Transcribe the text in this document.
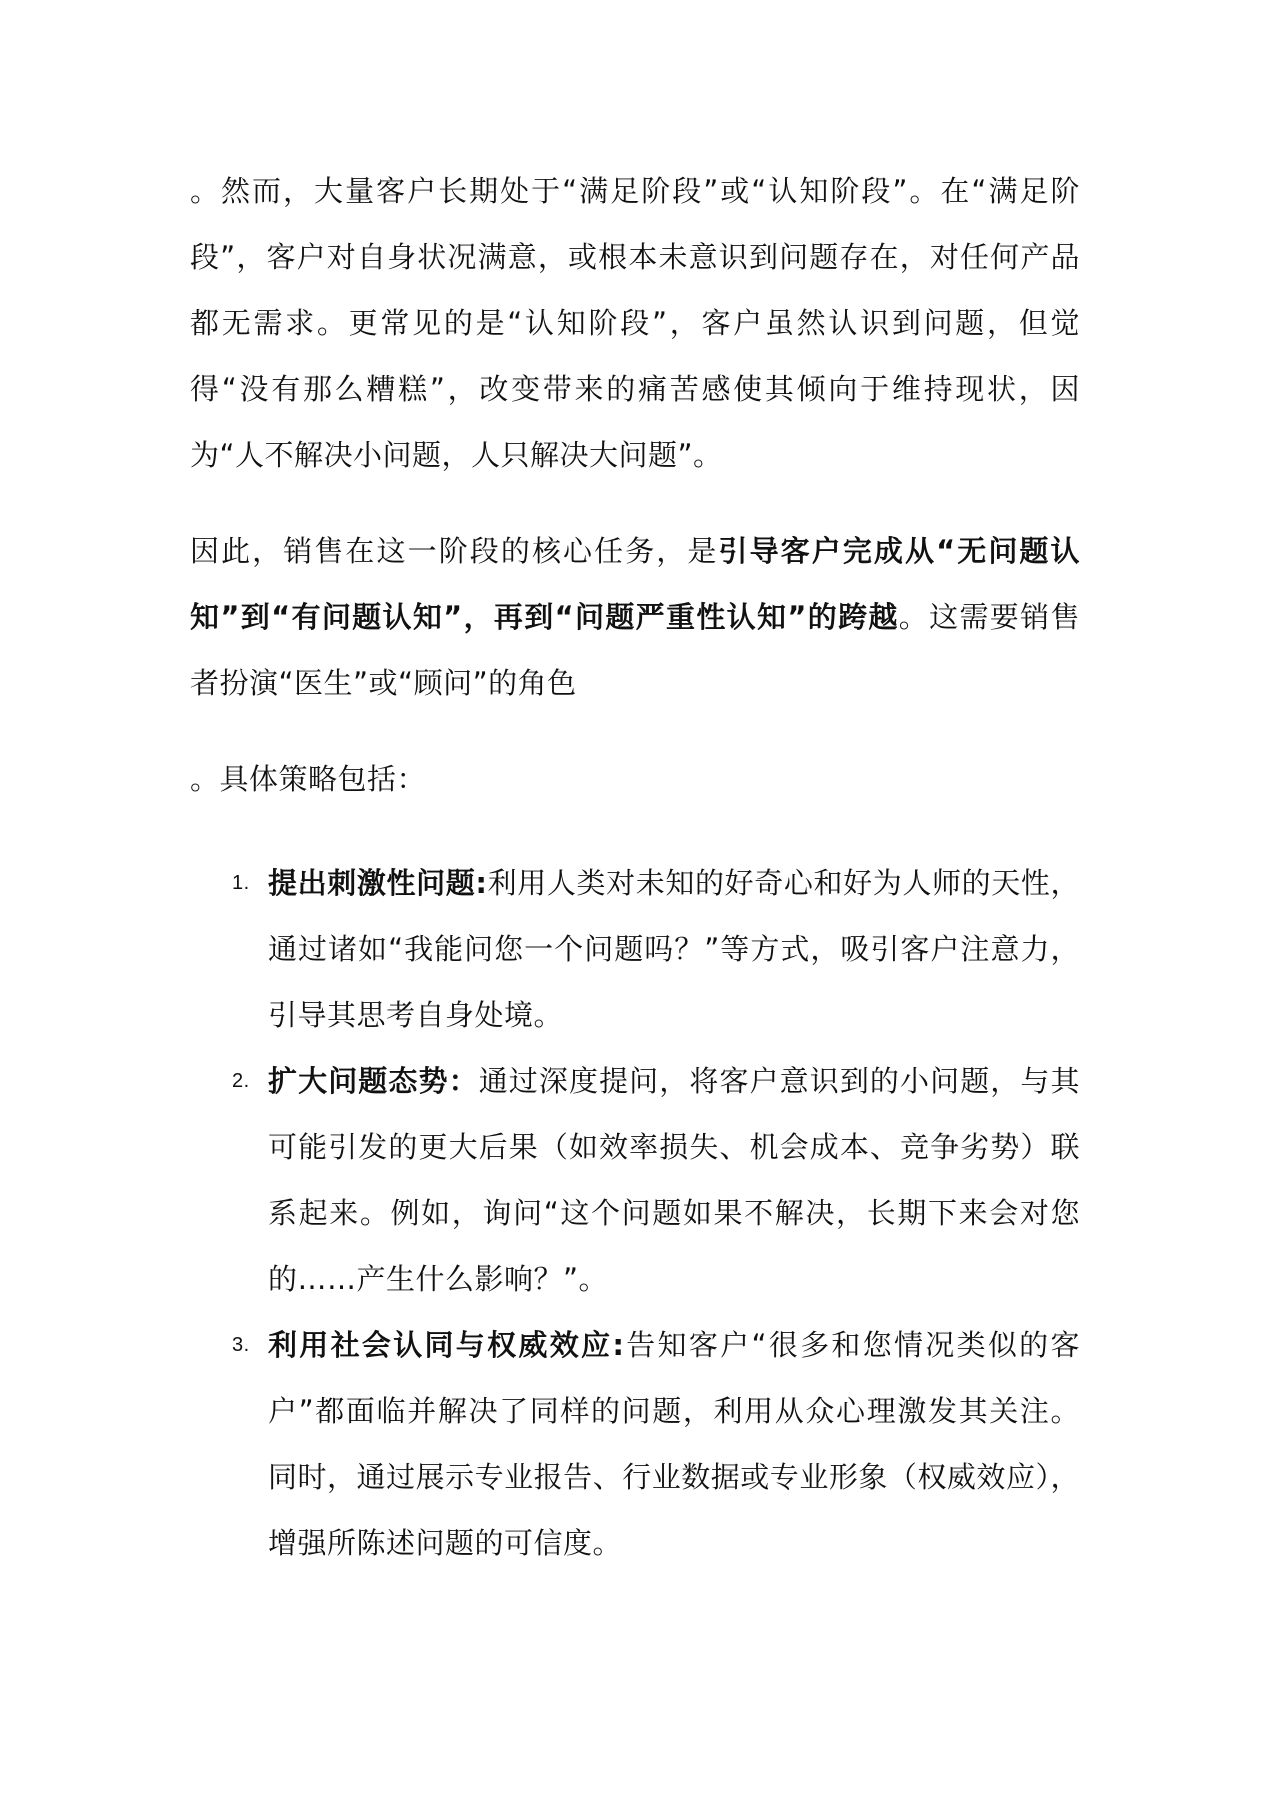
。然而，大量客户长期处于“满足阶段”或“认知阶段”。在“满足阶段”，客户对自身状况满意，或根本未意识到问题存在，对任何产品都无需求。更常见的是“认知阶段”，客户虽然认识到问题，但觉得“没有那么糟糕”，改变带来的痛苦感使其倾向于维持现状，因为“人不解决小问题，人只解决大问题”。

因此，销售在这一阶段的核心任务，是引导客户完成从“无问题认知”到“有问题认知”，再到“问题严重性认知”的跨越。这需要销售者扮演“医生”或“顾问”的角色

。具体策略包括：

1. 提出刺激性问题:利用人类对未知的好奇心和好为人师的天性，通过诸如“我能问您一个问题吗？”等方式，吸引客户注意力，引导其思考自身处境。
2. 扩大问题态势：通过深度提问，将客户意识到的小问题，与其可能引发的更大后果（如效率损失、机会成本、竞争劣势）联系起来。例如，询问“这个问题如果不解决，长期下来会对您的……产生什么影响？”。
3. 利用社会认同与权威效应:告知客户“很多和您情况类似的客户”都面临并解决了同样的问题，利用从众心理激发其关注。同时，通过展示专业报告、行业数据或专业形象（权威效应），增强所陈述问题的可信度。
